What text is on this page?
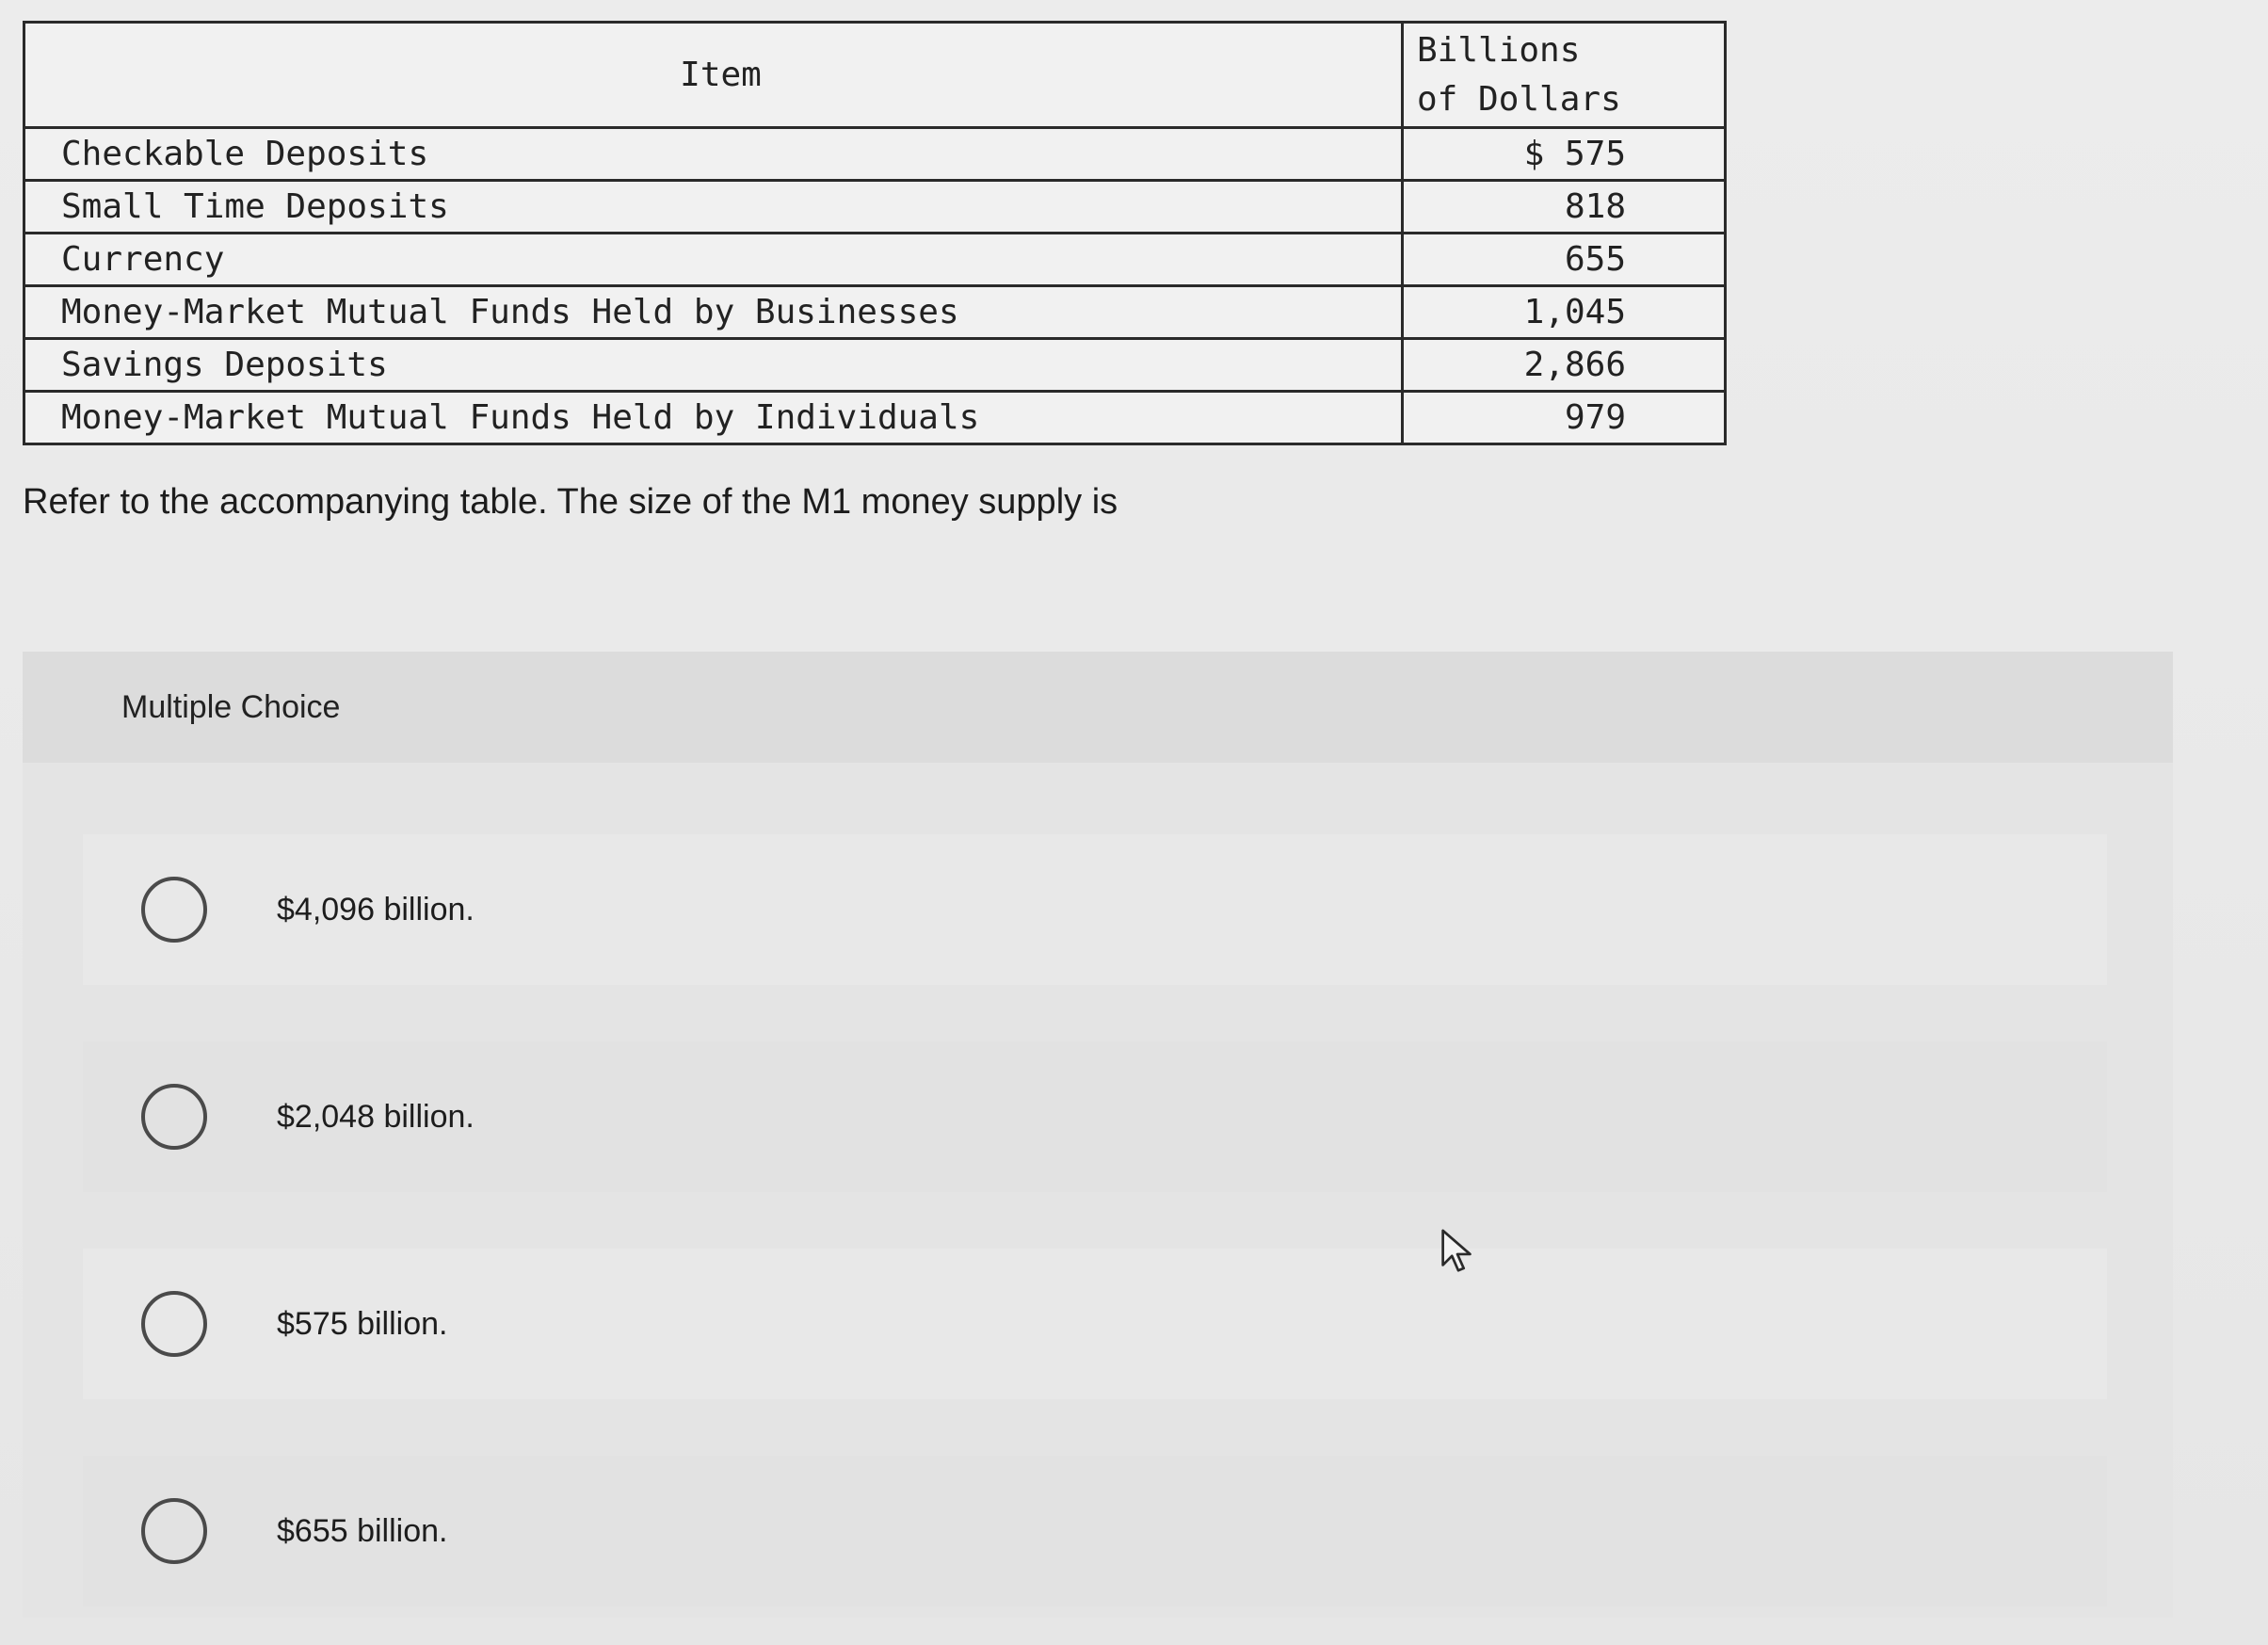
Item	Billions
of Dollars
Checkable Deposits	$ 575
Small Time Deposits	818
Currency	655
Money-Market Mutual Funds Held by Businesses	1,045
Savings Deposits	2,866
Money-Market Mutual Funds Held by Individuals	979
Refer to the accompanying table. The size of the M1 money supply is
Multiple Choice
$4,096 billion.
$2,048 billion.
$575 billion.
$655 billion.
